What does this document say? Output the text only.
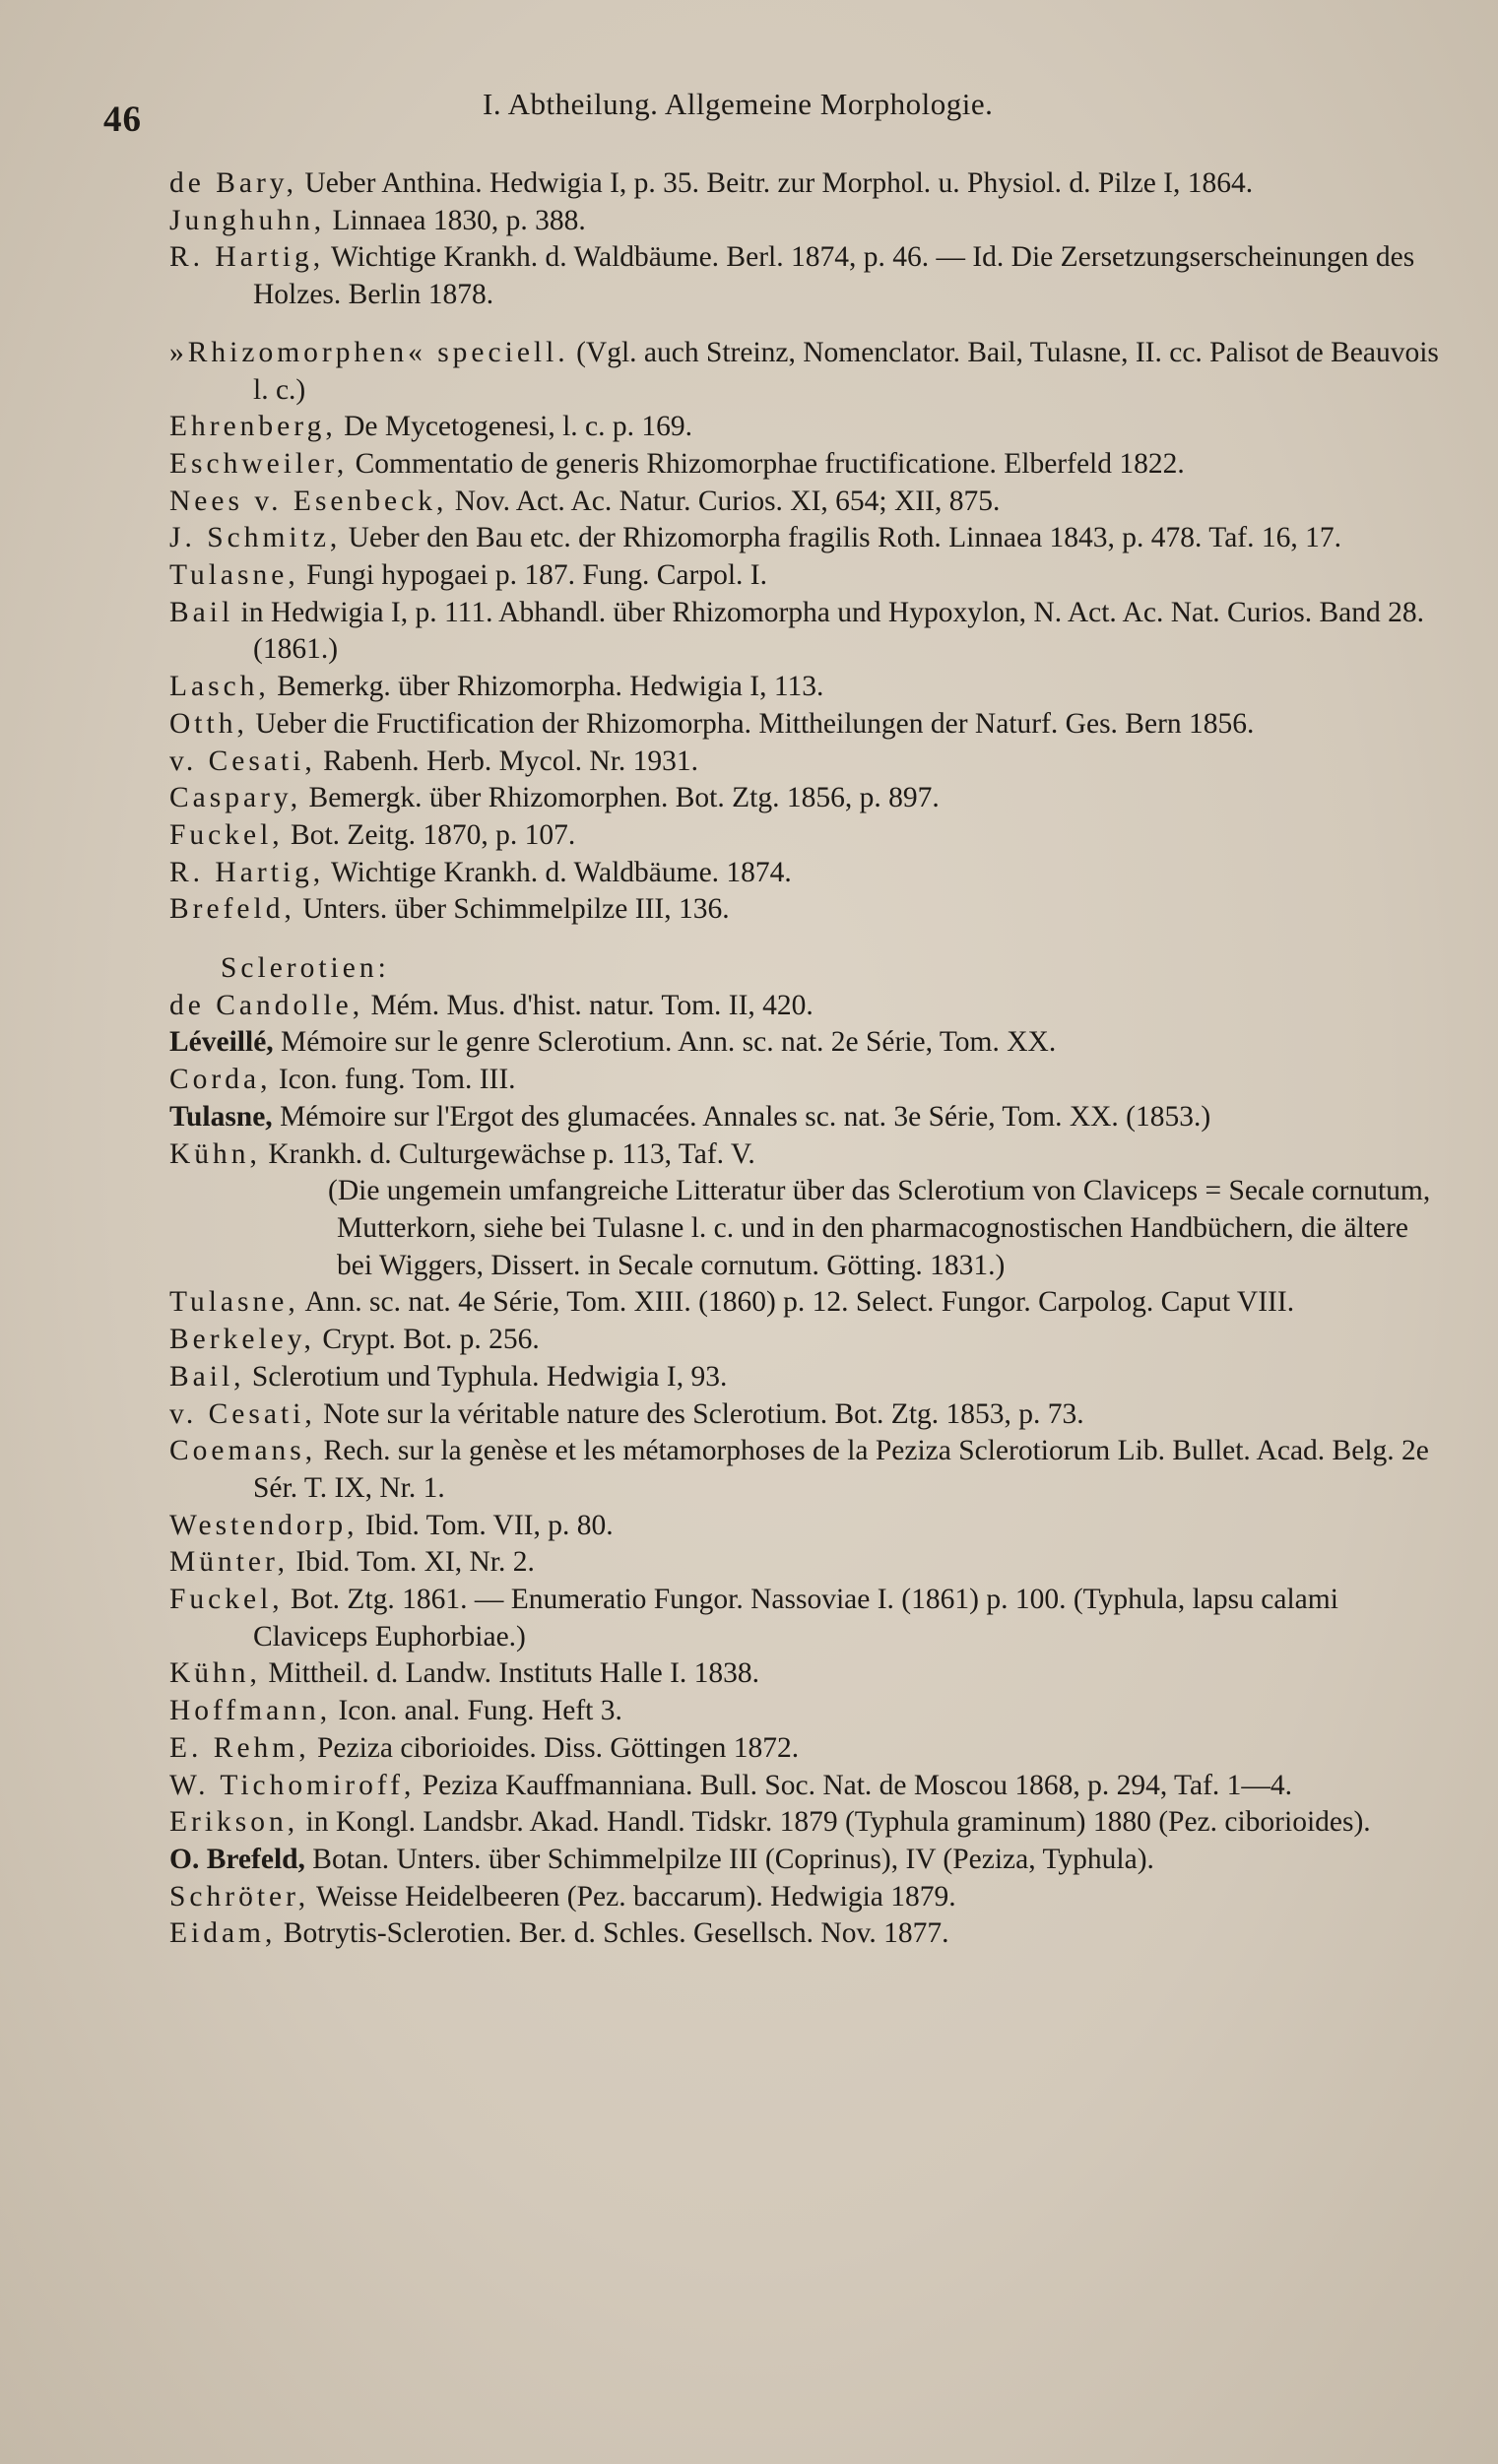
46	I. Abtheilung. Allgemeine Morphologie.

de Bary, Ueber Anthina. Hedwigia I, p. 35. Beitr. zur Morphol. u. Physiol. d. Pilze I, 1864.

Junghuhn, Linnaea 1830, p. 388.

R. Hartig, Wichtige Krankh. d. Waldbäume. Berl. 1874, p. 46. — Id. Die Zersetzungserscheinungen des Holzes. Berlin 1878.

»Rhizomorphen« speciell. (Vgl. auch Streinz, Nomenclator. Bail, Tulasne, II. cc. Palisot de Beauvois l. c.)

Ehrenberg, De Mycetogenesi, l. c. p. 169.

Eschweiler, Commentatio de generis Rhizomorphae fructificatione. Elberfeld 1822.

Nees v. Esenbeck, Nov. Act. Ac. Natur. Curios. XI, 654; XII, 875.

J. Schmitz, Ueber den Bau etc. der Rhizomorpha fragilis Roth. Linnaea 1843, p. 478. Taf. 16, 17.

Tulasne, Fungi hypogaei p. 187. Fung. Carpol. I.

Bail in Hedwigia I, p. 111. Abhandl. über Rhizomorpha und Hypoxylon, N. Act. Ac. Nat. Curios. Band 28. (1861.)

Lasch, Bemerkg. über Rhizomorpha. Hedwigia I, 113.

Otth, Ueber die Fructification der Rhizomorpha. Mittheilungen der Naturf. Ges. Bern 1856.

v. Cesati, Rabenh. Herb. Mycol. Nr. 1931.

Caspary, Bemergk. über Rhizomorphen. Bot. Ztg. 1856, p. 897.

Fuckel, Bot. Zeitg. 1870, p. 107.

R. Hartig, Wichtige Krankh. d. Waldbäume. 1874.

Brefeld, Unters. über Schimmelpilze III, 136.

Sclerotien:

de Candolle, Mém. Mus. d'hist. natur. Tom. II, 420.

Léveillé, Mémoire sur le genre Sclerotium. Ann. sc. nat. 2e Série, Tom. XX.

Corda, Icon. fung. Tom. III.

Tulasne, Mémoire sur l'Ergot des glumacées. Annales sc. nat. 3e Série, Tom. XX. (1853.)

Kühn, Krankh. d. Culturgewächse p. 113, Taf. V.

(Die ungemein umfangreiche Litteratur über das Sclerotium von Claviceps = Secale cornutum, Mutterkorn, siehe bei Tulasne l. c. und in den pharmacognostischen Handbüchern, die ältere bei Wiggers, Dissert. in Secale cornutum. Götting. 1831.)

Tulasne, Ann. sc. nat. 4e Série, Tom. XIII. (1860) p. 12. Select. Fungor. Carpolog. Caput VIII.

Berkeley, Crypt. Bot. p. 256.

Bail, Sclerotium und Typhula. Hedwigia I, 93.

v. Cesati, Note sur la véritable nature des Sclerotium. Bot. Ztg. 1853, p. 73.

Coemans, Rech. sur la genèse et les métamorphoses de la Peziza Sclerotiorum Lib. Bullet. Acad. Belg. 2e Sér. T. IX, Nr. 1.

Westendorp, Ibid. Tom. VII, p. 80.

Münter, Ibid. Tom. XI, Nr. 2.

Fuckel, Bot. Ztg. 1861. — Enumeratio Fungor. Nassoviae I. (1861) p. 100. (Typhula, lapsu calami Claviceps Euphorbiae.)

Kühn, Mittheil. d. Landw. Instituts Halle I. 1838.

Hoffmann, Icon. anal. Fung. Heft 3.

E. Rehm, Peziza ciborioides. Diss. Göttingen 1872.

W. Tichomiroff, Peziza Kauffmanniana. Bull. Soc. Nat. de Moscou 1868, p. 294, Taf. 1—4.

Erikson, in Kongl. Landsbr. Akad. Handl. Tidskr. 1879 (Typhula graminum) 1880 (Pez. ciborioides).

O. Brefeld, Botan. Unters. über Schimmelpilze III (Coprinus), IV (Peziza, Typhula).

Schröter, Weisse Heidelbeeren (Pez. baccarum). Hedwigia 1879.

Eidam, Botrytis-Sclerotien. Ber. d. Schles. Gesellsch. Nov. 1877.
